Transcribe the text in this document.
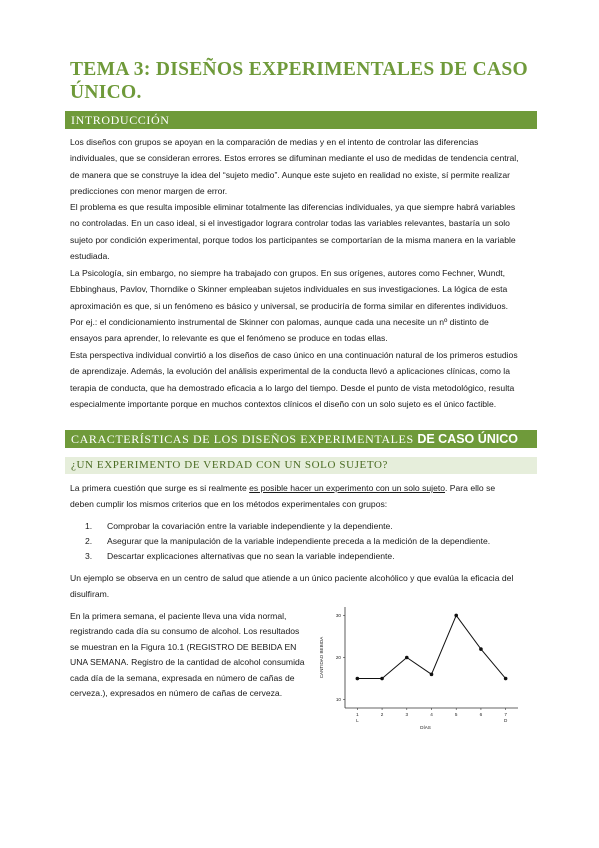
TEMA 3: DISEÑOS EXPERIMENTALES DE CASO ÚNICO.
INTRODUCCIÓN

Los diseños con grupos se apoyan en la comparación de medias y en el intento de controlar las diferencias individuales, que se consideran errores. Estos errores se difuminan mediante el uso de medidas de tendencia central, de manera que se construye la idea del “sujeto medio”. Aunque este sujeto en realidad no existe, sí permite realizar predicciones con menor margen de error.

El problema es que resulta imposible eliminar totalmente las diferencias individuales, ya que siempre habrá variables no controladas. En un caso ideal, si el investigador lograra controlar todas las variables relevantes, bastaría un solo sujeto por condición experimental, porque todos los participantes se comportarían de la misma manera en la variable estudiada.

La Psicología, sin embargo, no siempre ha trabajado con grupos. En sus orígenes, autores como Fechner, Wundt, Ebbinghaus, Pavlov, Thorndike o Skinner empleaban sujetos individuales en sus investigaciones. La lógica de esta aproximación es que, si un fenómeno es básico y universal, se produciría de forma similar en diferentes individuos. Por ej.: el condicionamiento instrumental de Skinner con palomas, aunque cada una necesite un nº distinto de ensayos para aprender, lo relevante es que el fenómeno se produce en todas ellas.

Esta perspectiva individual convirtió a los diseños de caso único en una continuación natural de los primeros estudios de aprendizaje. Además, la evolución del análisis experimental de la conducta llevó a aplicaciones clínicas, como la terapia de conducta, que ha demostrado eficacia a lo largo del tiempo. Desde el punto de vista metodológico, resulta especialmente importante porque en muchos contextos clínicos el diseño con un solo sujeto es el único factible.

CARACTERÍSTICAS DE LOS DISEÑOS EXPERIMENTALES DE CASO ÚNICO
¿UN EXPERIMENTO DE VERDAD CON UN SOLO SUJETO?

La primera cuestión que surge es si realmente es posible hacer un experimento con un solo sujeto. Para ello se deben cumplir los mismos criterios que en los métodos experimentales con grupos:

1. Comprobar la covariación entre la variable independiente y la dependiente.
2. Asegurar que la manipulación de la variable independiente preceda a la medición de la dependiente.
3. Descartar explicaciones alternativas que no sean la variable independiente.

Un ejemplo se observa en un centro de salud que atiende a un único paciente alcohólico y que evalúa la eficacia del disulfiram.

En la primera semana, el paciente lleva una vida normal, registrando cada día su consumo de alcohol. Los resultados se muestran en la Figura 10.1 (REGISTRO DE BEBIDA EN UNA SEMANA. Registro de la cantidad de alcohol consumida cada día de la semana, expresada en número de cañas de cerveza.), expresados en número de cañas de cerveza.

10
20
30
1	2	3	4	5	6	7
L	D
DÍAS
CANTIDAD BEBIDA
